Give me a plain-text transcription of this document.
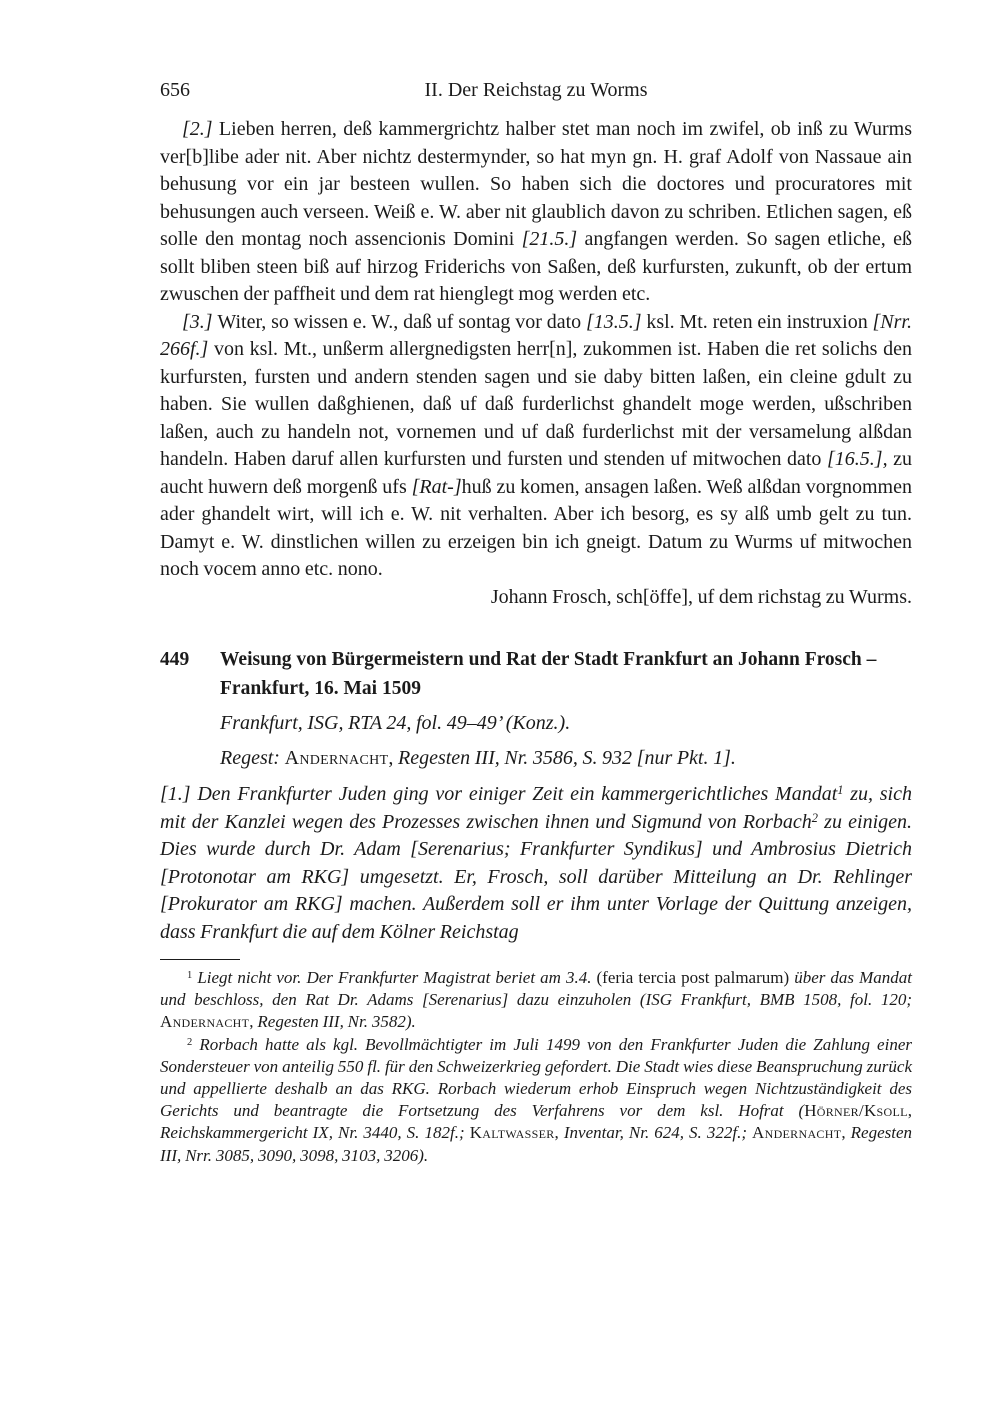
656	II. Der Reichstag zu Worms

[2.] Lieben herren, deß kammergrichtz halber stet man noch im zwifel, ob inß zu Wurms ver[b]libe ader nit. Aber nichtz destermynder, so hat myn gn. H. graf Adolf von Nassaue ain behusung vor ein jar besteen wullen. So haben sich die doctores und procuratores mit behusungen auch verseen. Weiß e. W. aber nit glaublich davon zu schriben. Etlichen sagen, eß solle den montag noch assencionis Domini [21.5.] angfangen werden. So sagen etliche, eß sollt bliben steen biß auf hirzog Friderichs von Saßen, deß kurfursten, zukunft, ob der ertum zwuschen der paffheit und dem rat hienglegt mog werden etc.

[3.] Witer, so wissen e. W., daß uf sontag vor dato [13.5.] ksl. Mt. reten ein instruxion [Nrr. 266f.] von ksl. Mt., unßerm allergnedigsten herr[n], zukommen ist. Haben die ret solichs den kurfursten, fursten und andern stenden sagen und sie daby bitten laßen, ein cleine gdult zu haben. Sie wullen daßghienen, daß uf daß furderlichst ghandelt moge werden, ußschriben laßen, auch zu handeln not, vornemen und uf daß furderlichst mit der versamelung alßdan handeln. Haben daruf allen kurfursten und fursten und stenden uf mitwochen dato [16.5.], zu aucht huwern deß morgenß ufs [Rat-]huß zu komen, ansagen laßen. Weß alßdan vorgnommen ader ghandelt wirt, will ich e. W. nit verhalten. Aber ich besorg, es sy alß umb gelt zu tun. Damyt e. W. dinstlichen willen zu erzeigen bin ich gneigt. Datum zu Wurms uf mitwochen noch vocem anno etc. nono.

Johann Frosch, sch[öffe], uf dem richstag zu Wurms.

449	Weisung von Bürgermeistern und Rat der Stadt Frankfurt an Johann Frosch – Frankfurt, 16. Mai 1509

Frankfurt, ISG, RTA 24, fol. 49–49’ (Konz.).

Regest: Andernacht, Regesten III, Nr. 3586, S. 932 [nur Pkt. 1].

[1.] Den Frankfurter Juden ging vor einiger Zeit ein kammergerichtliches Mandat$^1$ zu, sich mit der Kanzlei wegen des Prozesses zwischen ihnen und Sigmund von Rorbach$^2$ zu einigen. Dies wurde durch Dr. Adam [Serenarius; Frankfurter Syndikus] und Ambrosius Dietrich [Protonotar am RKG] umgesetzt. Er, Frosch, soll darüber Mitteilung an Dr. Rehlinger [Prokurator am RKG] machen. Außerdem soll er ihm unter Vorlage der Quittung anzeigen, dass Frankfurt die auf dem Kölner Reichstag

$^1$ Liegt nicht vor. Der Frankfurter Magistrat beriet am 3.4. (feria tercia post palmarum) über das Mandat und beschloss, den Rat Dr. Adams [Serenarius] dazu einzuholen (ISG Frankfurt, BMB 1508, fol. 120; Andernacht, Regesten III, Nr. 3582).

$^2$ Rorbach hatte als kgl. Bevollmächtigter im Juli 1499 von den Frankfurter Juden die Zahlung einer Sondersteuer von anteilig 550 fl. für den Schweizerkrieg gefordert. Die Stadt wies diese Beanspruchung zurück und appellierte deshalb an das RKG. Rorbach wiederum erhob Einspruch wegen Nichtzuständigkeit des Gerichts und beantragte die Fortsetzung des Verfahrens vor dem ksl. Hofrat (Hörner/Ksoll, Reichskammergericht IX, Nr. 3440, S. 182f.; Kaltwasser, Inventar, Nr. 624, S. 322f.; Andernacht, Regesten III, Nrr. 3085, 3090, 3098, 3103, 3206).
